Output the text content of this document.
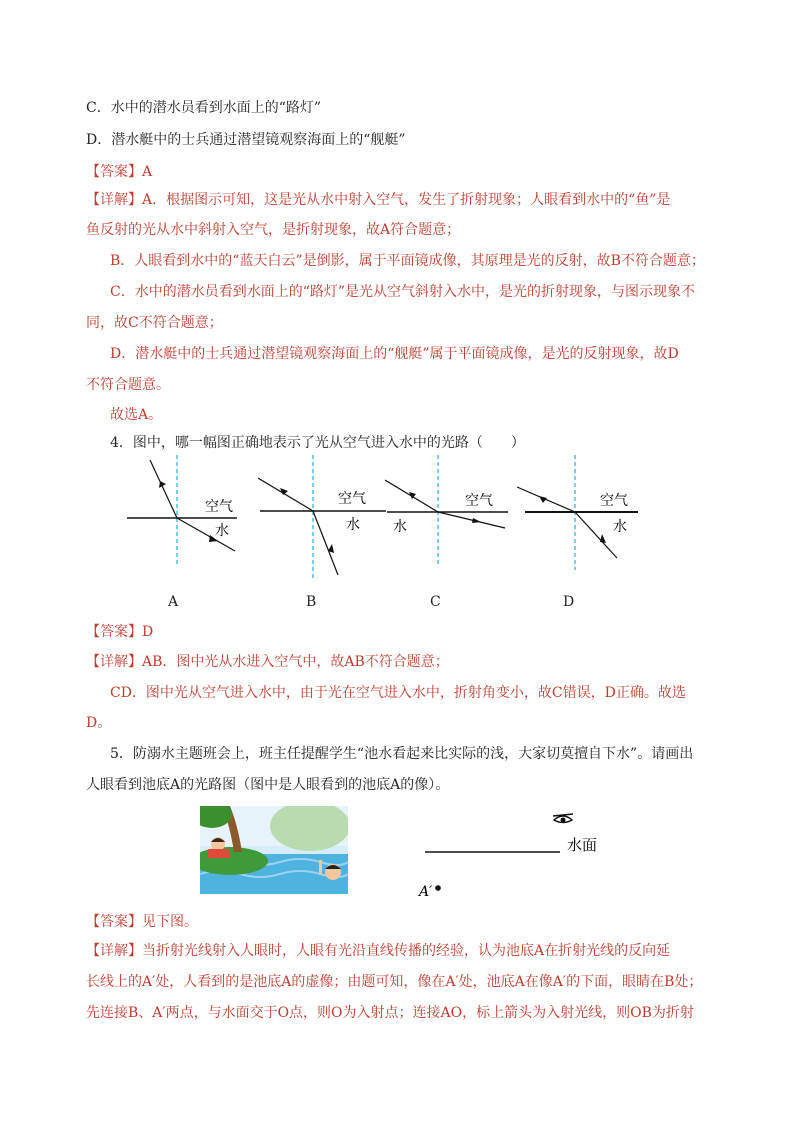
C．水中的潜水员看到水面上的“路灯”
D．潜水艇中的士兵通过潜望镜观察海面上的“舰艇”
【答案】A
【详解】A．根据图示可知，这是光从水中射入空气，发生了折射现象；人眼看到水中的“鱼”是
鱼反射的光从水中斜射入空气，是折射现象，故A符合题意；
B．人眼看到水中的“蓝天白云”是倒影，属于平面镜成像，其原理是光的反射，故B不符合题意；
C．水中的潜水员看到水面上的“路灯”是光从空气斜射入水中，是光的折射现象，与图示现象不
同，故C不符合题意；
D．潜水艇中的士兵通过潜望镜观察海面上的“舰艇”属于平面镜成像，是光的反射现象，故D
不符合题意。
故选A。
4．图中，哪一幅图正确地表示了光从空气进入水中的光路（　　）
空气
水
A
空气
水
B
空气
水
C
空气
水
D
【答案】D
【详解】AB．图中光从水进入空气中，故AB不符合题意；
CD．图中光从空气进入水中，由于光在空气进入水中，折射角变小，故C错误，D正确。故选
D。
5．防溺水主题班会上，班主任提醒学生“池水看起来比实际的浅，大家切莫擅自下水”。请画出
人眼看到池底A的光路图（图中是人眼看到的池底A的像）。
水面
A′
【答案】见下图。
【详解】当折射光线射入人眼时，人眼有光沿直线传播的经验，认为池底A在折射光线的反向延
长线上的A′处，人看到的是池底A的虚像；由题可知，像在A′处，池底A在像A′的下面，眼睛在B处；
先连接B、A′两点，与水面交于O点，则O为入射点；连接AO，标上箭头为入射光线，则OB为折射
